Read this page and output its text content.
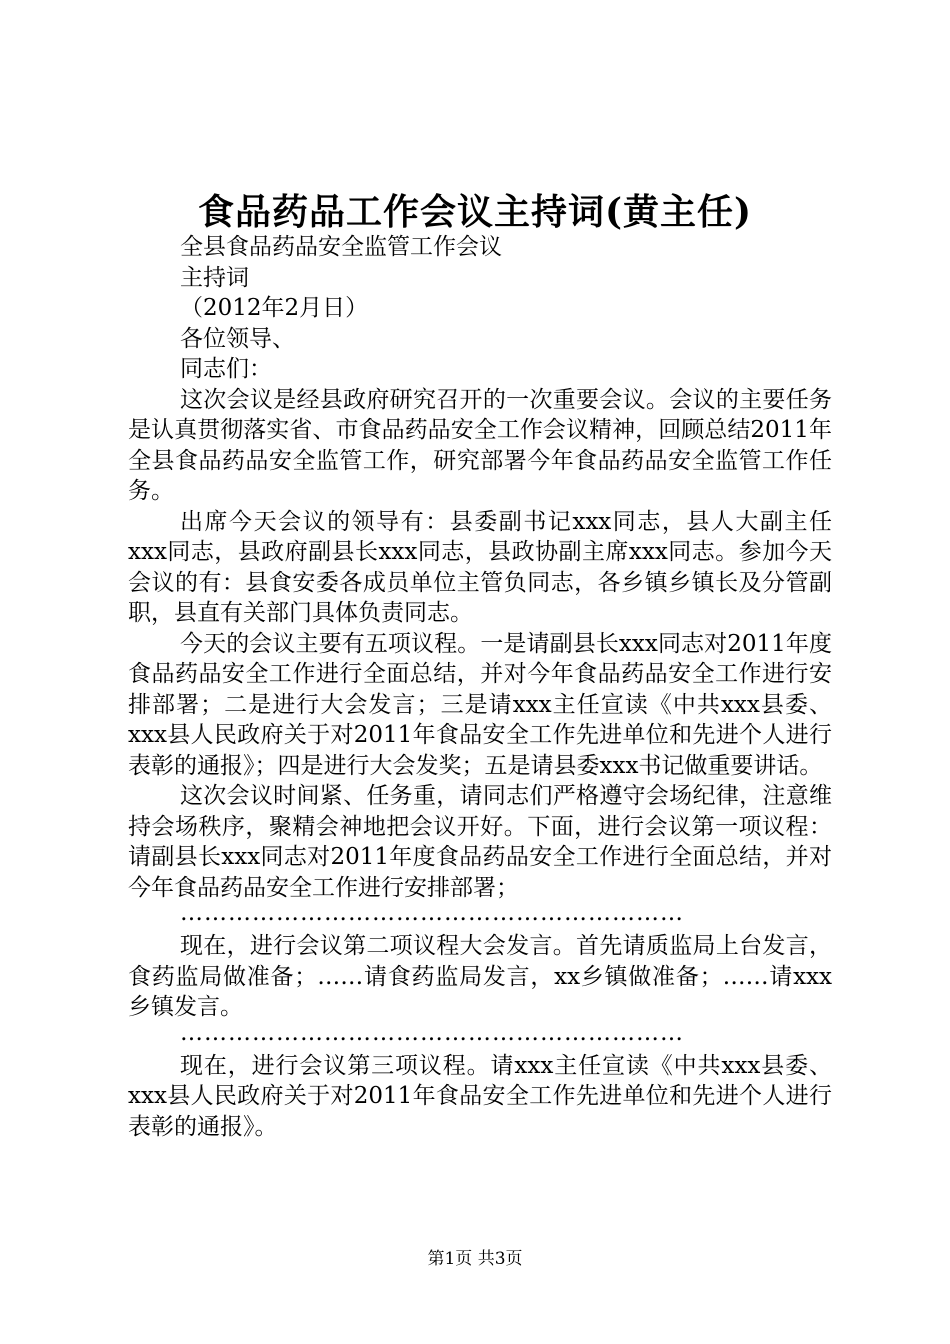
食品药品工作会议主持词(黄主任)
全县食品药品安全监管工作会议
主持词
（2012年2月日）
各位领导、
同志们：
这次会议是经县政府研究召开的一次重要会议。会议的主要任务是认真贯彻落实省、市食品药品安全工作会议精神，回顾总结2011年全县食品药品安全监管工作，研究部署今年食品药品安全监管工作任务。
出席今天会议的领导有：县委副书记xxx同志，县人大副主任xxx同志，县政府副县长xxx同志，县政协副主席xxx同志。参加今天会议的有：县食安委各成员单位主管负同志，各乡镇乡镇长及分管副职，县直有关部门具体负责同志。
今天的会议主要有五项议程。一是请副县长xxx同志对2011年度食品药品安全工作进行全面总结，并对今年食品药品安全工作进行安排部署；二是进行大会发言；三是请xxx主任宣读《中共xxx县委、xxx县人民政府关于对2011年食品安全工作先进单位和先进个人进行表彰的通报》；四是进行大会发奖；五是请县委xxx书记做重要讲话。
这次会议时间紧、任务重，请同志们严格遵守会场纪律，注意维持会场秩序，聚精会神地把会议开好。下面，进行会议第一项议程：请副县长xxx同志对2011年度食品药品安全工作进行全面总结，并对今年食品药品安全工作进行安排部署；
………………………………………………………
现在，进行会议第二项议程大会发言。首先请质监局上台发言，食药监局做准备；……请食药监局发言，xx乡镇做准备；……请xxx乡镇发言。
………………………………………………………
现在，进行会议第三项议程。请xxx主任宣读《中共xxx县委、xxx县人民政府关于对2011年食品安全工作先进单位和先进个人进行表彰的通报》。
第1页 共3页
